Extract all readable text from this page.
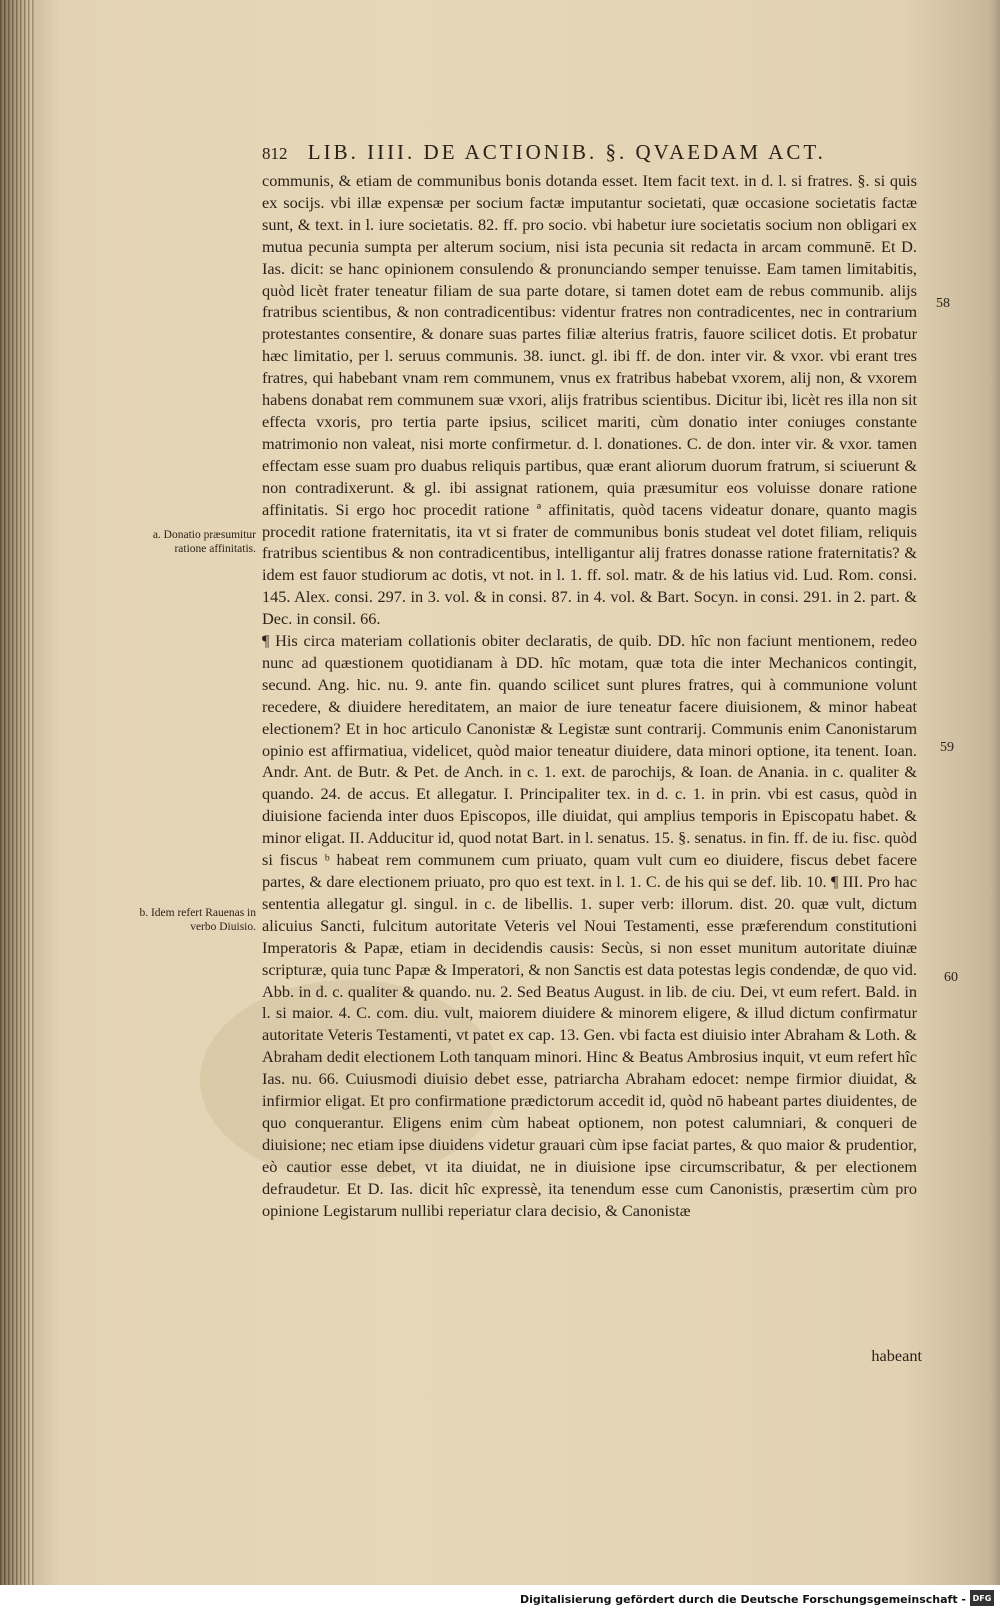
812 LIB. IIII. DE ACTIONIB. §. QVAEDAM ACT.

communis, & etiam de communibus bonis dotanda esset. Item facit text. in d. l. si fratres. §. si quis ex socijs. vbi illæ expensæ per socium factæ imputantur societati, quæ occasione societatis factæ sunt, & text. in l. iure societatis. 82. ff. pro socio. vbi habetur iure societatis socium non obligari ex mutua pecunia sumpta per alterum socium, nisi ista pecunia sit redacta in arcam communē. Et D. Ias. dicit: se hanc opinionem consulendo & pronunciando semper tenuisse. Eam tamen limitabitis, quòd licèt frater teneatur filiam de sua parte dotare, si tamen dotet eam de rebus communib. alijs fratribus scientibus, & non contradicentibus: videntur fratres non contradicentes, nec in contrarium protestantes consentire, & donare suas partes filiæ alterius fratris, fauore scilicet dotis. Et probatur hæc limitatio, per l. seruus communis. 38. iunct. gl. ibi ff. de don. inter vir. & vxor. vbi erant tres fratres, qui habebant vnam rem communem, vnus ex fratribus habebat vxorem, alij non, & vxorem habens donabat rem communem suæ vxori, alijs fratribus scientibus. Dicitur ibi, licèt res illa non sit effecta vxoris, pro tertia parte ipsius, scilicet mariti, cùm donatio inter coniuges constante matrimonio non valeat, nisi morte confirmetur. d. l. donationes. C. de don. inter vir. & vxor. tamen effectam esse suam pro duabus reliquis partibus, quæ erant aliorum duorum fratrum, si sciuerunt & non contradixerunt. & gl. ibi assignat rationem, quia præsumitur eos voluisse donare ratione affinitatis. Si ergo hoc procedit ratione ª affinitatis, quòd tacens videatur donare, quanto magis procedit ratione fraternitatis, ita vt si frater de communibus bonis studeat vel dotet filiam, reliquis fratribus scientibus & non contradicentibus, intelligantur alij fratres donasse ratione fraternitatis? & idem est fauor studiorum ac dotis, vt not. in l. 1. ff. sol. matr. & de his latius vid. Lud. Rom. consi. 145. Alex. consi. 297. in 3. vol. & in consi. 87. in 4. vol. & Bart. Socyn. in consi. 291. in 2. part. & Dec. in consil. 66.

¶ His circa materiam collationis obiter declaratis, de quib. DD. hîc non faciunt mentionem, redeo nunc ad quæstionem quotidianam à DD. hîc motam, quæ tota die inter Mechanicos contingit, secund. Ang. hic. nu. 9. ante fin. quando scilicet sunt plures fratres, qui à communione volunt recedere, & diuidere hereditatem, an maior de iure teneatur facere diuisionem, & minor habeat electionem? Et in hoc articulo Canonistæ & Legistæ sunt contrarij. Communis enim Canonistarum opinio est affirmatiua, videlicet, quòd maior teneatur diuidere, data minori optione, ita tenent. Ioan. Andr. Ant. de Butr. & Pet. de Anch. in c. 1. ext. de parochijs, & Ioan. de Anania. in c. qualiter & quando. 24. de accus. Et allegatur. I. Principaliter tex. in d. c. 1. in prin. vbi est casus, quòd in diuisione facienda inter duos Episcopos, ille diuidat, qui amplius temporis in Episcopatu habet. & minor eligat. II. Adducitur id, quod notat Bart. in l. senatus. 15. §. senatus. in fin. ff. de iu. fisc. quòd si fiscus ᵇ habeat rem communem cum priuato, quam vult cum eo diuidere, fiscus debet facere partes, & dare electionem priuato, pro quo est text. in l. 1. C. de his qui se def. lib. 10. ¶ III. Pro hac sententia allegatur gl. singul. in c. de libellis. 1. super verb: illorum. dist. 20. quæ vult, dictum alicuius Sancti, fulcitum autoritate Veteris vel Noui Testamenti, esse præferendum constitutioni Imperatoris & Papæ, etiam in decidendis causis: Secùs, si non esset munitum autoritate diuinæ scripturæ, quia tunc Papæ & Imperatori, & non Sanctis est data potestas legis condendæ, de quo vid. Abb. in d. c. qualiter & quando. nu. 2. Sed Beatus August. in lib. de ciu. Dei, vt eum refert. Bald. in l. si maior. 4. C. com. diu. vult, maiorem diuidere & minorem eligere, & illud dictum confirmatur autoritate Veteris Testamenti, vt patet ex cap. 13. Gen. vbi facta est diuisio inter Abraham & Loth. & Abraham dedit electionem Loth tanquam minori. Hinc & Beatus Ambrosius inquit, vt eum refert hîc Ias. nu. 66. Cuiusmodi diuisio debet esse, patriarcha Abraham edocet: nempe firmior diuidat, & infirmior eligat. Et pro confirmatione prædictorum accedit id, quòd nō habeant partes diuidentes, de quo conquerantur. Eligens enim cùm habeat optionem, non potest calumniari, & conqueri de diuisione; nec etiam ipse diuidens videtur grauari cùm ipse faciat partes, & quo maior & prudentior, eò cautior esse debet, vt ita diuidat, ne in diuisione ipse circumscribatur, & per electionem defraudetur. Et D. Ias. dicit hîc expressè, ita tenendum esse cum Canonistis, præsertim cùm pro opinione Legistarum nullibi reperiatur clara decisio, & Canonistæ

a. Donatio præsumitur ratione affinitatis.
b. Idem refert Rauenas in verbo Diuisio.
58
59
60
habeant
Digitalisierung gefördert durch die Deutsche Forschungsgemeinschaft - DFG
